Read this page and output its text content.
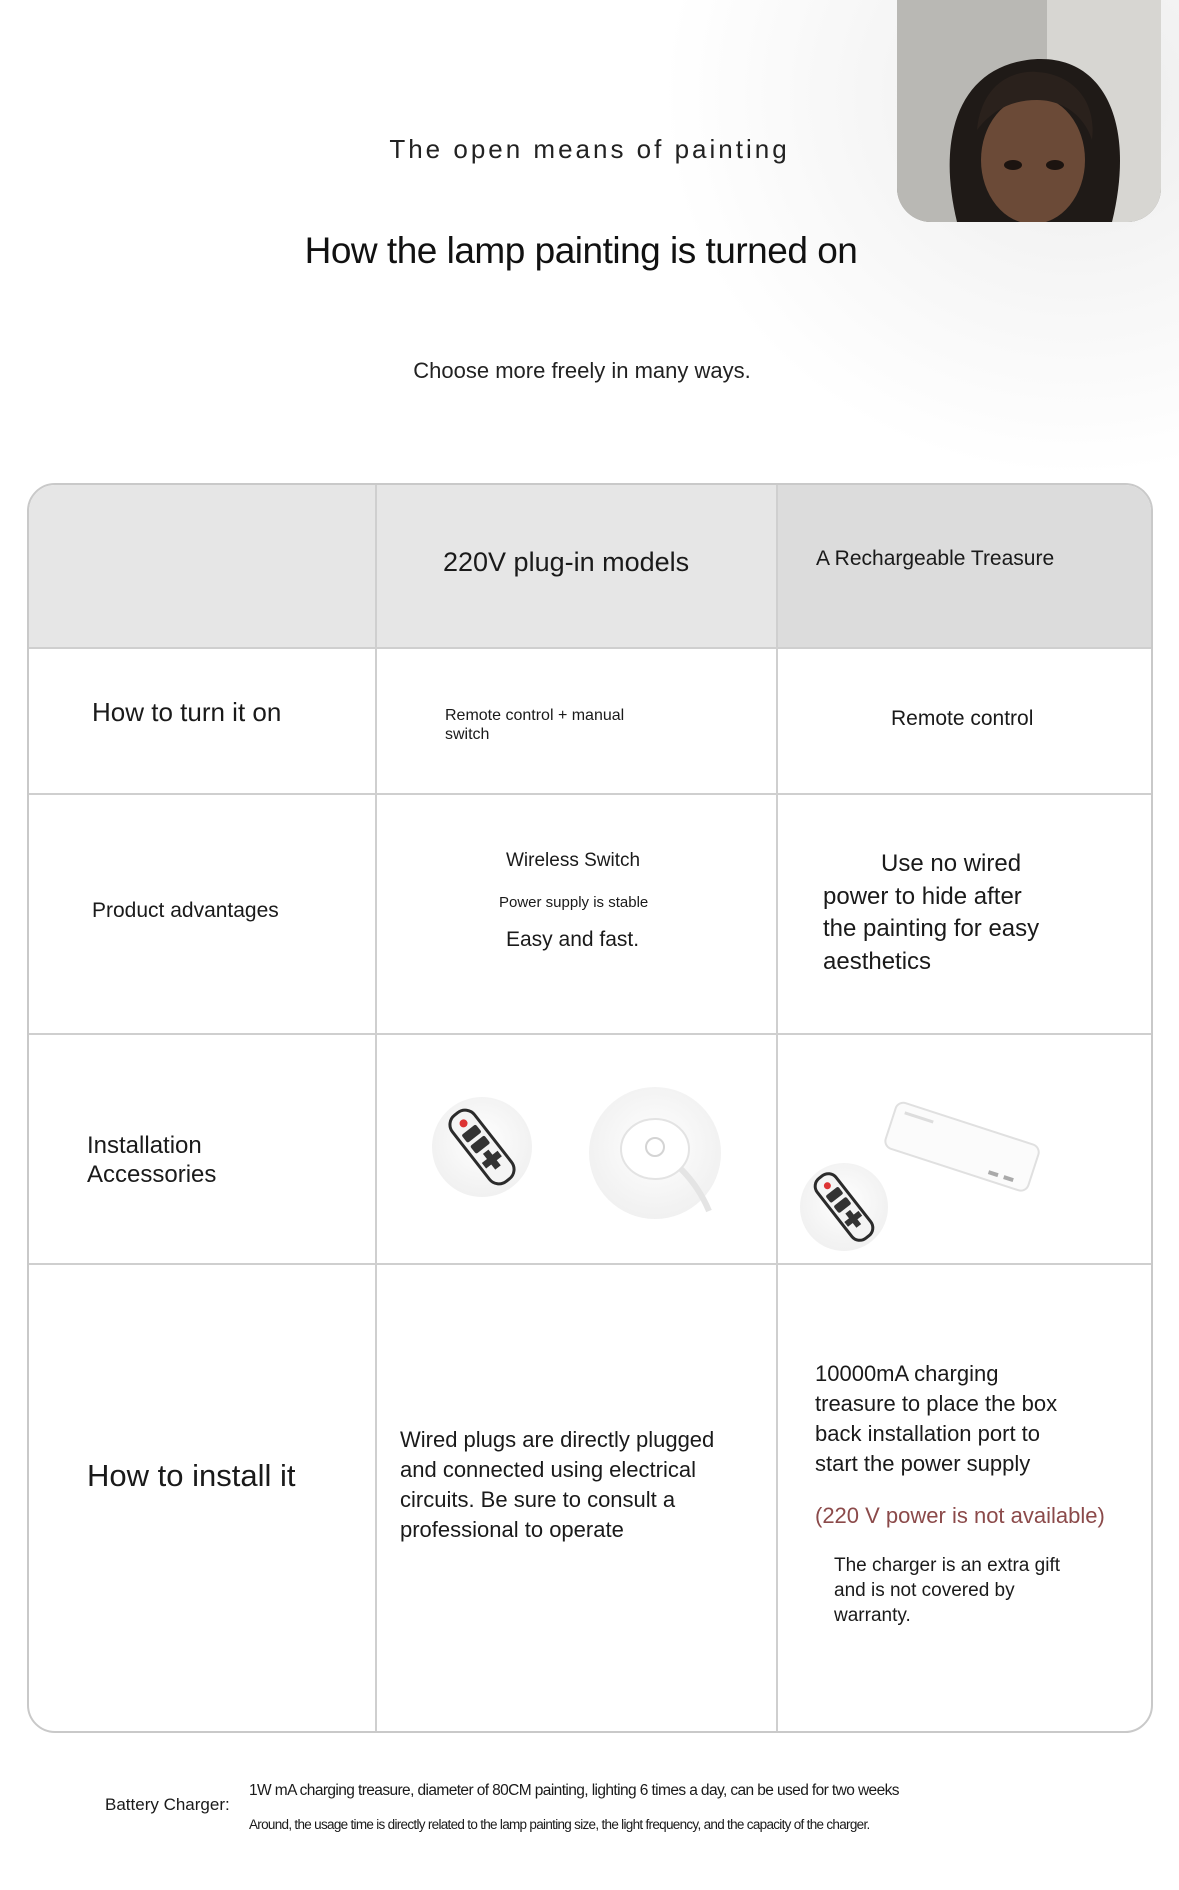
The open means of painting
How the lamp painting is turned on
Choose more freely in many ways.
220V plug-in models	A Rechargeable Treasure
How to turn it on	Remote control + manual
switch
Remote control
Product advantages
Wireless Switch
Power supply is stable
Easy and fast.
Use no wired
power to hide after
the painting for easy
aesthetics
Installation
Accessories
How to install it
Wired plugs are directly plugged
and connected using electrical
circuits. Be sure to consult a
professional to operate
10000mA charging
treasure to place the box
back installation port to
start the power supply
(220 V power is not available)
The charger is an extra gift
and is not covered by
warranty.
Battery Charger:
1W mA charging treasure, diameter of 80CM painting, lighting 6 times a day, can be used for two weeks
Around, the usage time is directly related to the lamp painting size, the light frequency, and the capacity of the charger.
